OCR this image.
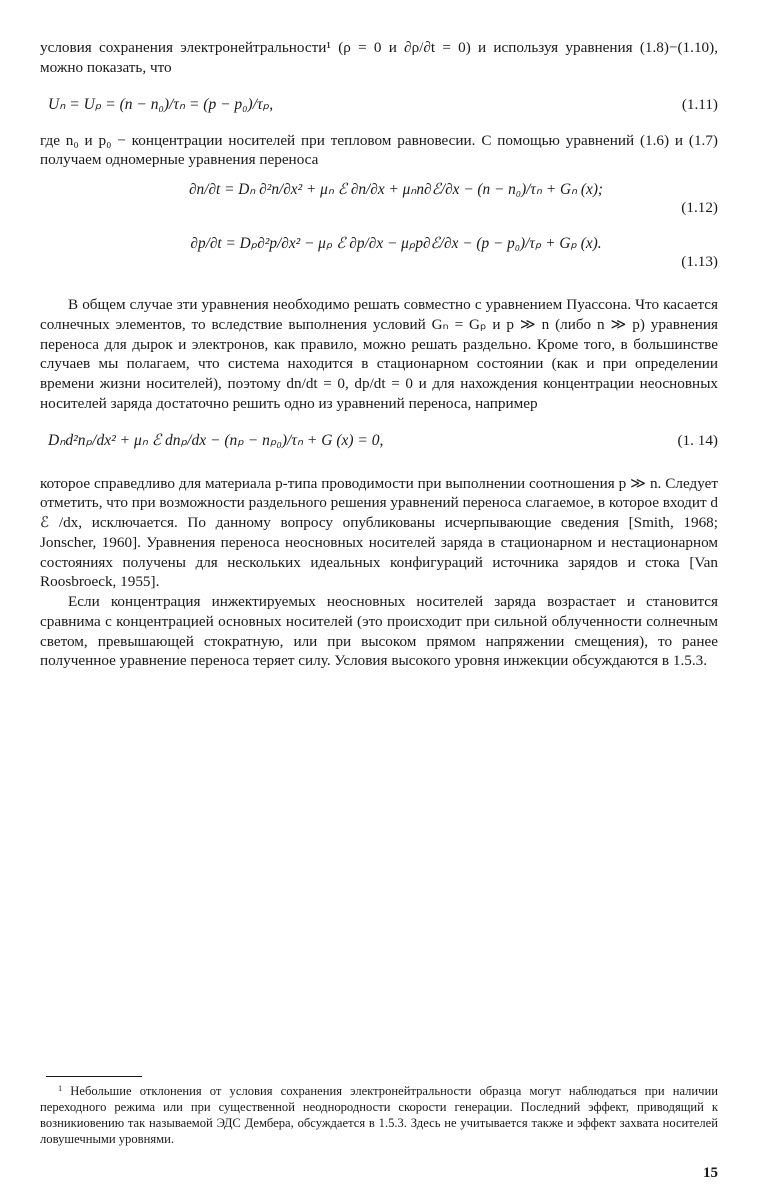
условия сохранения электронейтральности¹ (ρ = 0 и ∂ρ/∂t = 0) и используя уравнения (1.8)−(1.10), можно показать, что

Uₙ = Uₚ = (n − n₀)/τₙ = (p − p₀)/τₚ,	(1.11)

где n₀ и p₀ − концентрации носителей при тепловом равновесии. С помощью уравнений (1.6) и (1.7) получаем одномерные уравнения переноса

∂n/∂t = Dₙ ∂²n/∂x² + μₙ ℰ ∂n/∂x + μₙn∂ℰ/∂x − (n − n₀)/τₙ + Gₙ (x);
(1.12)
∂p/∂t = Dₚ∂²p/∂x² − μₚ ℰ ∂p/∂x − μₚp∂ℰ/∂x − (p − p₀)/τₚ + Gₚ (x).
(1.13)

В общем случае зти уравнения необходимо решать совместно с уравнением Пуассона. Что касается солнечных элементов, то вследствие выполнения условий Gₙ = Gₚ и p ≫ n (либо n ≫ p) уравнения переноса для дырок и электронов, как правило, можно решать раздельно. Кроме того, в большинстве случаев мы полагаем, что система находится в стационарном состоянии (как и при определении времени жизни носителей), поэтому dn/dt = 0, dp/dt = 0 и для нахождения концентрации неосновных носителей заряда достаточно решить одно из уравнений переноса, например

Dₙd²nₚ/dx² + μₙ ℰ dnₚ/dx − (nₚ − nₚ₀)/τₙ + G (x) = 0,	(1. 14)

которое справедливо для материала p-типа проводимости при выполнении соотношения p ≫ n. Следует отметить, что при возможности раздельного решения уравнений переноса слагаемое, в которое входит d ℰ /dx, исключается. По данному вопросу опубликованы исчерпывающие сведения [Smith, 1968; Jonscher, 1960]. Уравнения переноса неосновных носителей заряда в стационарном и нестационарном состояниях получены для нескольких идеальных конфигураций источника зарядов и стока [Van Roosbroeck, 1955].

Если концентрация инжектируемых неосновных носителей заряда возрастает и становится сравнима с концентрацией основных носителей (это происходит при сильной облученности солнечным светом, превышающей стократную, или при высоком прямом напряжении смещения), то ранее полученное уравнение переноса теряет силу. Условия высокого уровня инжекции обсуждаются в 1.5.3.

$^1$ Небольшие отклонения от условия сохранения электронейтральности образца могут наблюдаться при наличии переходного режима или при существенной неоднородности скорости генерации. Последний эффект, приводящий к возникиовению так называемой ЭДС Дембера, обсуждается в 1.5.3. Здесь не учитывается также и эффект захвата носителей ловушечными уровнями.

15
